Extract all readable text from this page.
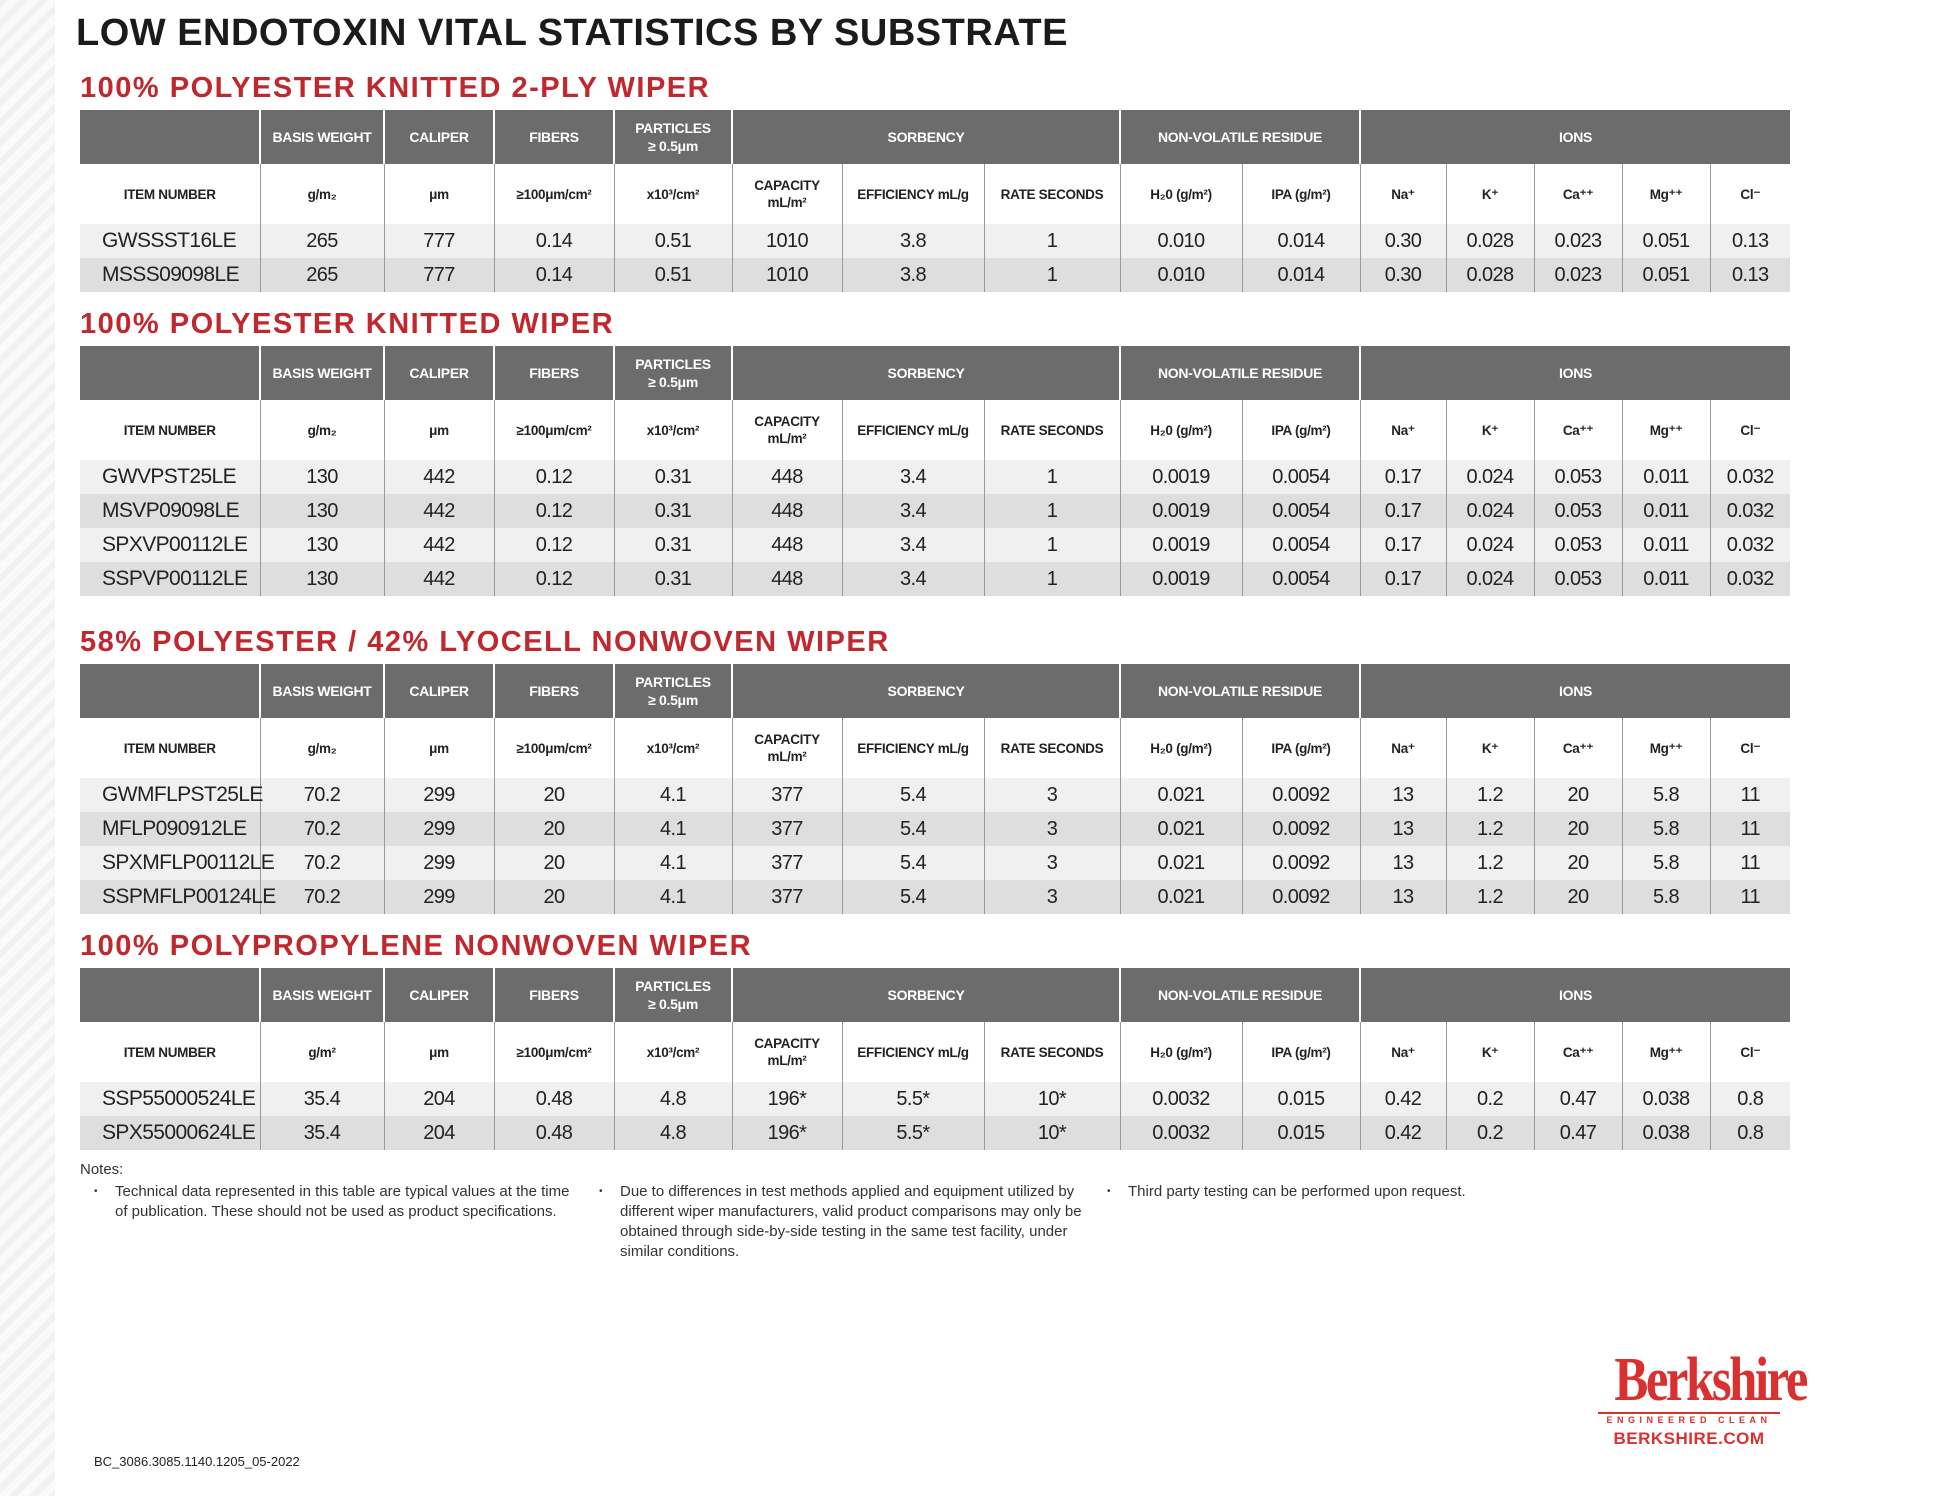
LOW ENDOTOXIN VITAL STATISTICS BY SUBSTRATE
100% POLYESTER KNITTED 2-PLY WIPER
	BASIS WEIGHT	CALIPER	FIBERS	PARTICLES
≥ 0.5μm	SORBENCY			NON-VOLATILE RESIDUE		IONS				
ITEM NUMBER	g/m₂	μm	≥100μm/cm²	x10³/cm²	CAPACITY
mL/m²	EFFICIENCY mL/g	RATE SECONDS	H₂0 (g/m²)	IPA (g/m²)	Na⁺	K⁺	Ca⁺⁺	Mg⁺⁺	Cl⁻
GWSSST16LE	265	777	0.14	0.51	1010	3.8	1	0.010	0.014	0.30	0.028	0.023	0.051	0.13
MSSS09098LE	265	777	0.14	0.51	1010	3.8	1	0.010	0.014	0.30	0.028	0.023	0.051	0.13
100% POLYESTER KNITTED WIPER
	BASIS WEIGHT	CALIPER	FIBERS	PARTICLES
≥ 0.5μm	SORBENCY			NON-VOLATILE RESIDUE		IONS				
ITEM NUMBER	g/m₂	μm	≥100μm/cm²	x10³/cm²	CAPACITY
mL/m²	EFFICIENCY mL/g	RATE SECONDS	H₂0 (g/m²)	IPA (g/m²)	Na⁺	K⁺	Ca⁺⁺	Mg⁺⁺	Cl⁻
GWVPST25LE	130	442	0.12	0.31	448	3.4	1	0.0019	0.0054	0.17	0.024	0.053	0.011	0.032
MSVP09098LE	130	442	0.12	0.31	448	3.4	1	0.0019	0.0054	0.17	0.024	0.053	0.011	0.032
SPXVP00112LE	130	442	0.12	0.31	448	3.4	1	0.0019	0.0054	0.17	0.024	0.053	0.011	0.032
SSPVP00112LE	130	442	0.12	0.31	448	3.4	1	0.0019	0.0054	0.17	0.024	0.053	0.011	0.032
58% POLYESTER / 42% LYOCELL NONWOVEN WIPER
	BASIS WEIGHT	CALIPER	FIBERS	PARTICLES
≥ 0.5μm	SORBENCY			NON-VOLATILE RESIDUE		IONS				
ITEM NUMBER	g/m₂	μm	≥100μm/cm²	x10³/cm²	CAPACITY
mL/m²	EFFICIENCY mL/g	RATE SECONDS	H₂0 (g/m²)	IPA (g/m²)	Na⁺	K⁺	Ca⁺⁺	Mg⁺⁺	Cl⁻
GWMFLPST25LE	70.2	299	20	4.1	377	5.4	3	0.021	0.0092	13	1.2	20	5.8	11
MFLP090912LE	70.2	299	20	4.1	377	5.4	3	0.021	0.0092	13	1.2	20	5.8	11
SPXMFLP00112LE	70.2	299	20	4.1	377	5.4	3	0.021	0.0092	13	1.2	20	5.8	11
SSPMFLP00124LE	70.2	299	20	4.1	377	5.4	3	0.021	0.0092	13	1.2	20	5.8	11
100% POLYPROPYLENE NONWOVEN WIPER
	BASIS WEIGHT	CALIPER	FIBERS	PARTICLES
≥ 0.5μm	SORBENCY			NON-VOLATILE RESIDUE		IONS				
ITEM NUMBER	g/m²	μm	≥100μm/cm²	x10³/cm²	CAPACITY
mL/m²	EFFICIENCY mL/g	RATE SECONDS	H₂0 (g/m²)	IPA (g/m²)	Na⁺	K⁺	Ca⁺⁺	Mg⁺⁺	Cl⁻
SSP55000524LE	35.4	204	0.48	4.8	196*	5.5*	10*	0.0032	0.015	0.42	0.2	0.47	0.038	0.8
SPX55000624LE	35.4	204	0.48	4.8	196*	5.5*	10*	0.0032	0.015	0.42	0.2	0.47	0.038	0.8
Notes:
• Technical data represented in this table are typical values at the time of publication. These should not be used as product specifications.
• Due to differences in test methods applied and equipment utilized by different wiper manufacturers, valid product comparisons may only be obtained through side-by-side testing in the same test facility, under similar conditions.
• Third party testing can be performed upon request.
BC_3086.3085.1140.1205_05-2022
Berkshire
ENGINEERED CLEAN
BERKSHIRE.COM
